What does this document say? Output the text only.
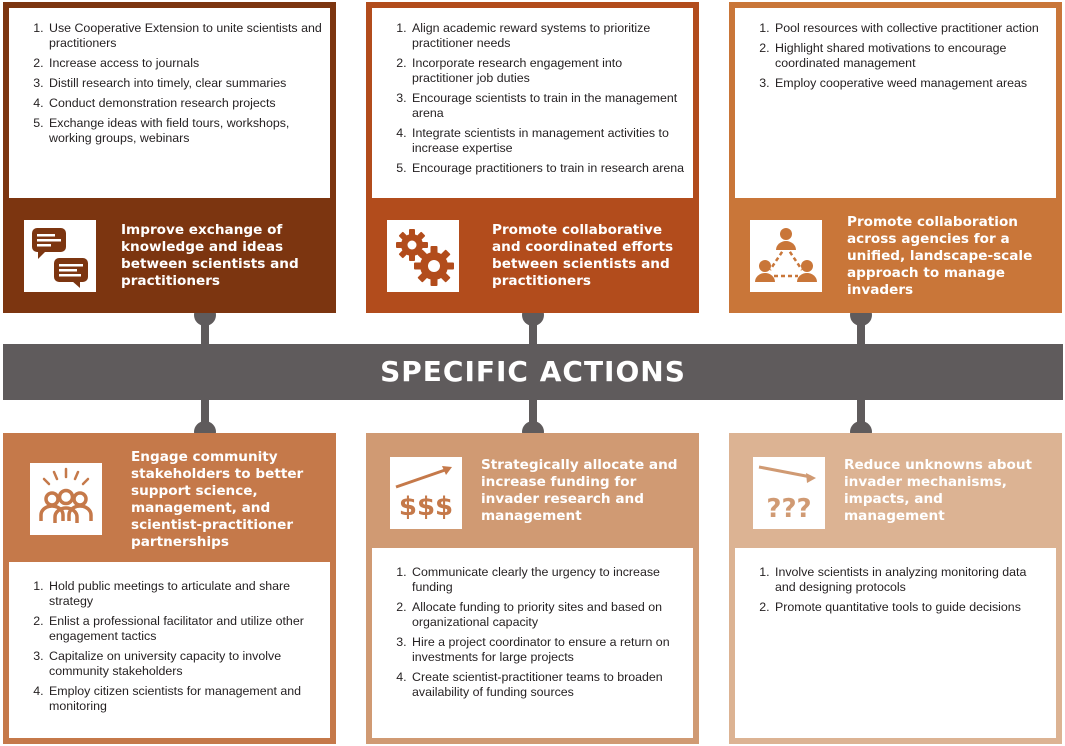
SPECIFIC ACTIONS
1. Use Cooperative Extension to unite scientists and practitioners
2. Increase access to journals
3. Distill research into timely, clear summaries
4. Conduct demonstration research projects
5. Exchange ideas with field tours, workshops, working groups, webinars
Improve exchange of knowledge and ideas between scientists and practitioners
1. Align academic reward systems to prioritize practitioner needs
2. Incorporate research engagement into practitioner job duties
3. Encourage scientists to train in the management arena
4. Integrate scientists in management activities to increase expertise
5. Encourage practitioners to train in research arena
Promote collaborative and coordinated efforts between scientists and practitioners
1. Pool resources with collective practitioner action
2. Highlight shared motivations to encourage coordinated management
3. Employ cooperative weed management areas
Promote collaboration across agencies for a unified, landscape-scale approach to manage invaders
Engage community stakeholders to better support science, management, and scientist-practitioner partnerships
1. Hold public meetings to articulate and share strategy
2. Enlist a professional facilitator and utilize other engagement tactics
3. Capitalize on university capacity to involve community stakeholders
4. Employ citizen scientists for management and monitoring
$$$
Strategically allocate and increase funding for invader research and management
1. Communicate clearly the urgency to increase funding
2. Allocate funding to priority sites and based on organizational capacity
3. Hire a project coordinator to ensure a return on investments for large projects
4. Create scientist-practitioner teams to broaden availability of funding sources
???
Reduce unknowns about invader mechanisms, impacts, and management
1. Involve scientists in analyzing monitoring data and designing protocols
2. Promote quantitative tools to guide decisions
